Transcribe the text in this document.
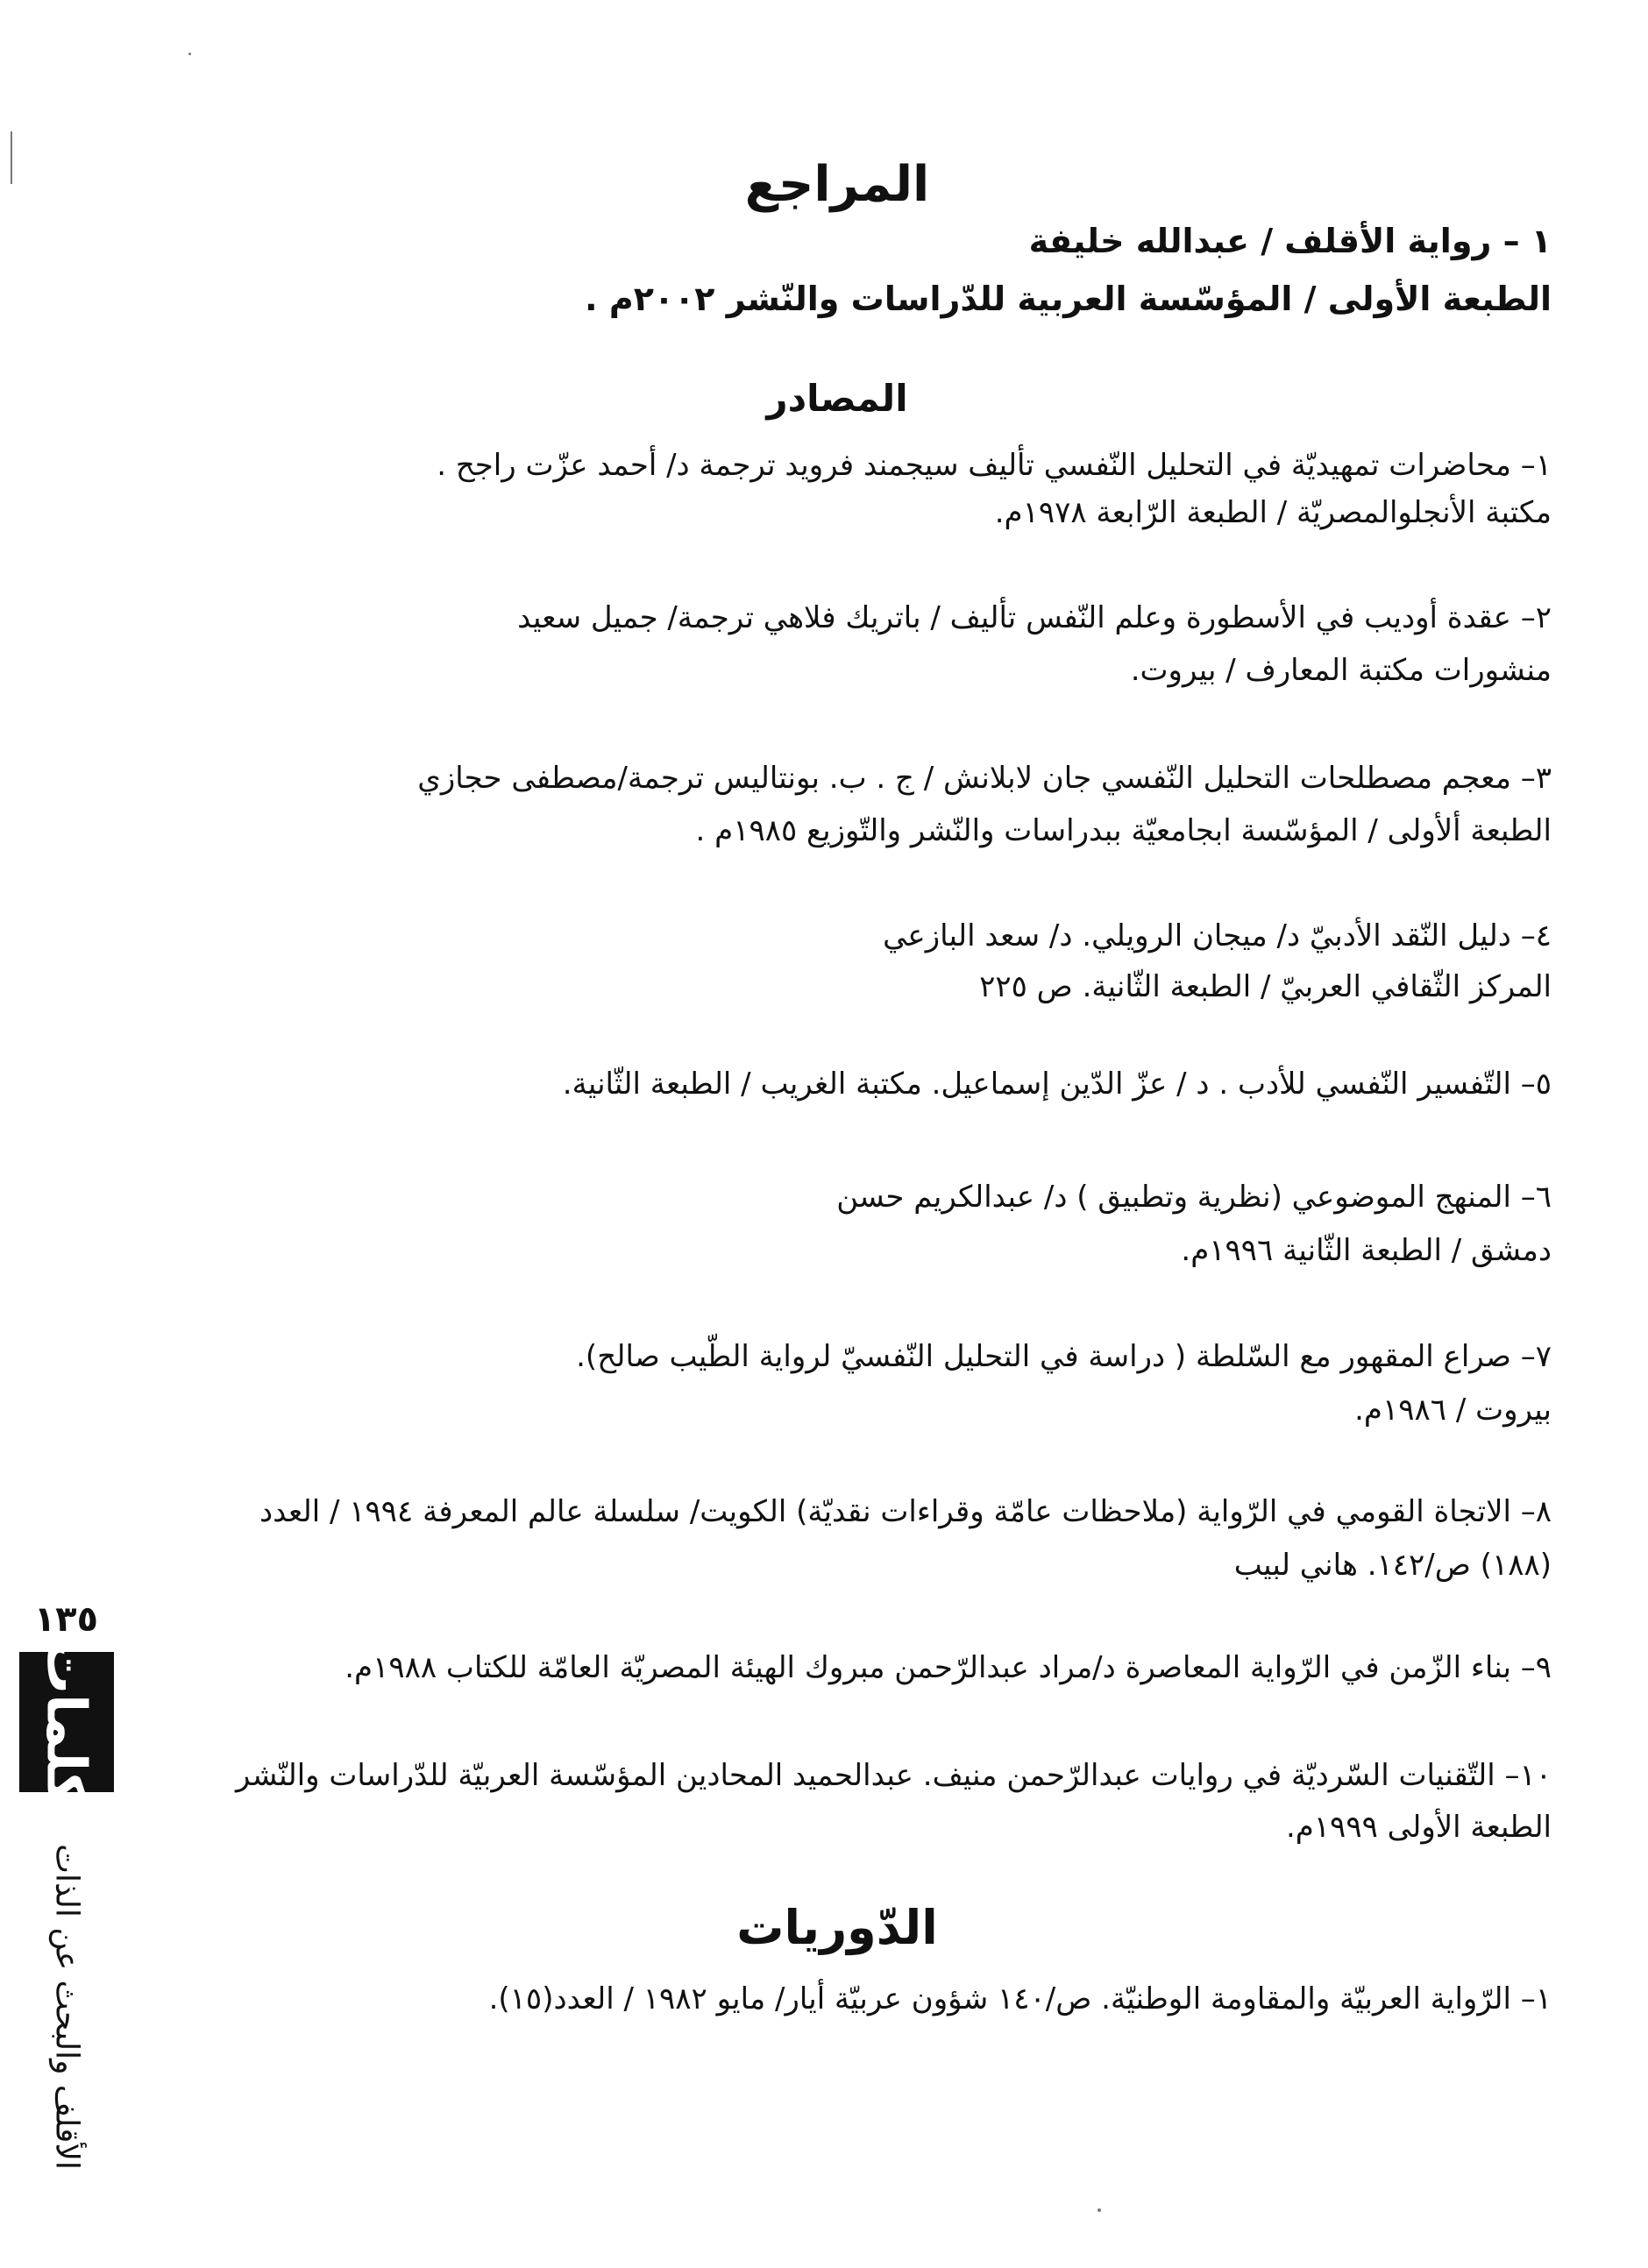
المراجع
١ – رواية الأقلف / عبدالله خليفة
الطبعة الأولى / المؤسّسة العربية للدّراسات والنّشر ٢٠٠٢م .
المصادر
١– محاضرات تمهيديّة في التحليل النّفسي تأليف سيجمند فرويد ترجمة د/ أحمد عزّت راجح .
مكتبة الأنجلوالمصريّة / الطبعة الرّابعة ١٩٧٨م.
٢– عقدة أوديب في الأسطورة وعلم النّفس تأليف / باتريك فلاهي ترجمة/ جميل سعيد
منشورات مكتبة المعارف / بيروت.
٣– معجم مصطلحات التحليل النّفسي جان لابلانش / ج . ب. بونتاليس ترجمة/مصطفى حجازي
الطبعة ألأولى / المؤسّسة ابجامعيّة ببدراسات والنّشر والتّوزيع ١٩٨٥م .
٤– دليل النّقد الأدبيّ د/ ميجان الرويلي. د/ سعد البازعي
المركز الثّقافي العربيّ / الطبعة الثّانية. ص ٢٢٥
٥– التّفسير النّفسي للأدب . د / عزّ الدّين إسماعيل. مكتبة الغريب / الطبعة الثّانية.
٦– المنهج الموضوعي (نظرية وتطبيق ) د/ عبدالكريم حسن
دمشق / الطبعة الثّانية ١٩٩٦م.
٧– صراع المقهور مع السّلطة ( دراسة في التحليل النّفسيّ لرواية الطّيب صالح).
بيروت / ١٩٨٦م.
٨– الاتجاة القومي في الرّواية (ملاحظات عامّة وقراءات نقديّة) الكويت/ سلسلة عالم المعرفة ١٩٩٤ / العدد
(١٨٨) ص/١٤٢. هاني لبيب
٩– بناء الزّمن في الرّواية المعاصرة د/مراد عبدالرّحمن مبروك الهيئة المصريّة العامّة للكتاب ١٩٨٨م.
١٠– التّقنيات السّرديّة في روايات عبدالرّحمن منيف. عبدالحميد المحادين المؤسّسة العربيّة للدّراسات والنّشر
الطبعة الأولى ١٩٩٩م.
الدّوريات
١– الرّواية العربيّة والمقاومة الوطنيّة. ص/١٤٠ شؤون عربيّة أيار/ مايو ١٩٨٢ / العدد(١٥).
١٣٥
كلمات
الأقلف والبحث عن الذات
